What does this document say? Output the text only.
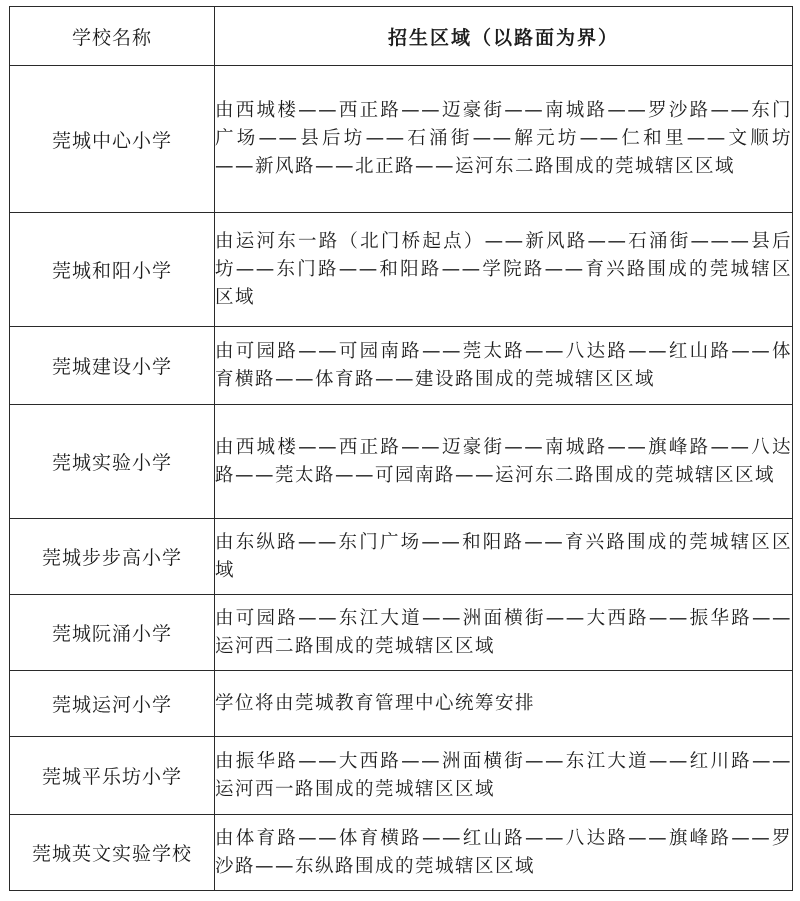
学校名称	招生区域（以路面为界）
莞城中心小学	由西城楼——西正路——迈豪街——南城路——罗沙路——东门广场——县后坊——石涌街——解元坊——仁和里——文顺坊——新风路——北正路——运河东二路围成的莞城辖区区域
莞城和阳小学	由运河东一路（北门桥起点）——新风路——石涌街———县后坊——东门路——和阳路——学院路——育兴路围成的莞城辖区区域
莞城建设小学	由可园路——可园南路——莞太路——八达路——红山路——体育横路——体育路——建设路围成的莞城辖区区域
莞城实验小学	由西城楼——西正路——迈豪街——南城路——旗峰路——八达路——莞太路——可园南路——运河东二路围成的莞城辖区区域
莞城步步高小学	由东纵路——东门广场——和阳路——育兴路围成的莞城辖区区域
莞城阮涌小学	由可园路——东江大道——洲面横街——大西路——振华路——运河西二路围成的莞城辖区区域
莞城运河小学	学位将由莞城教育管理中心统筹安排
莞城平乐坊小学	由振华路——大西路——洲面横街——东江大道——红川路——运河西一路围成的莞城辖区区域
莞城英文实验学校	由体育路——体育横路——红山路——八达路——旗峰路——罗沙路——东纵路围成的莞城辖区区域
